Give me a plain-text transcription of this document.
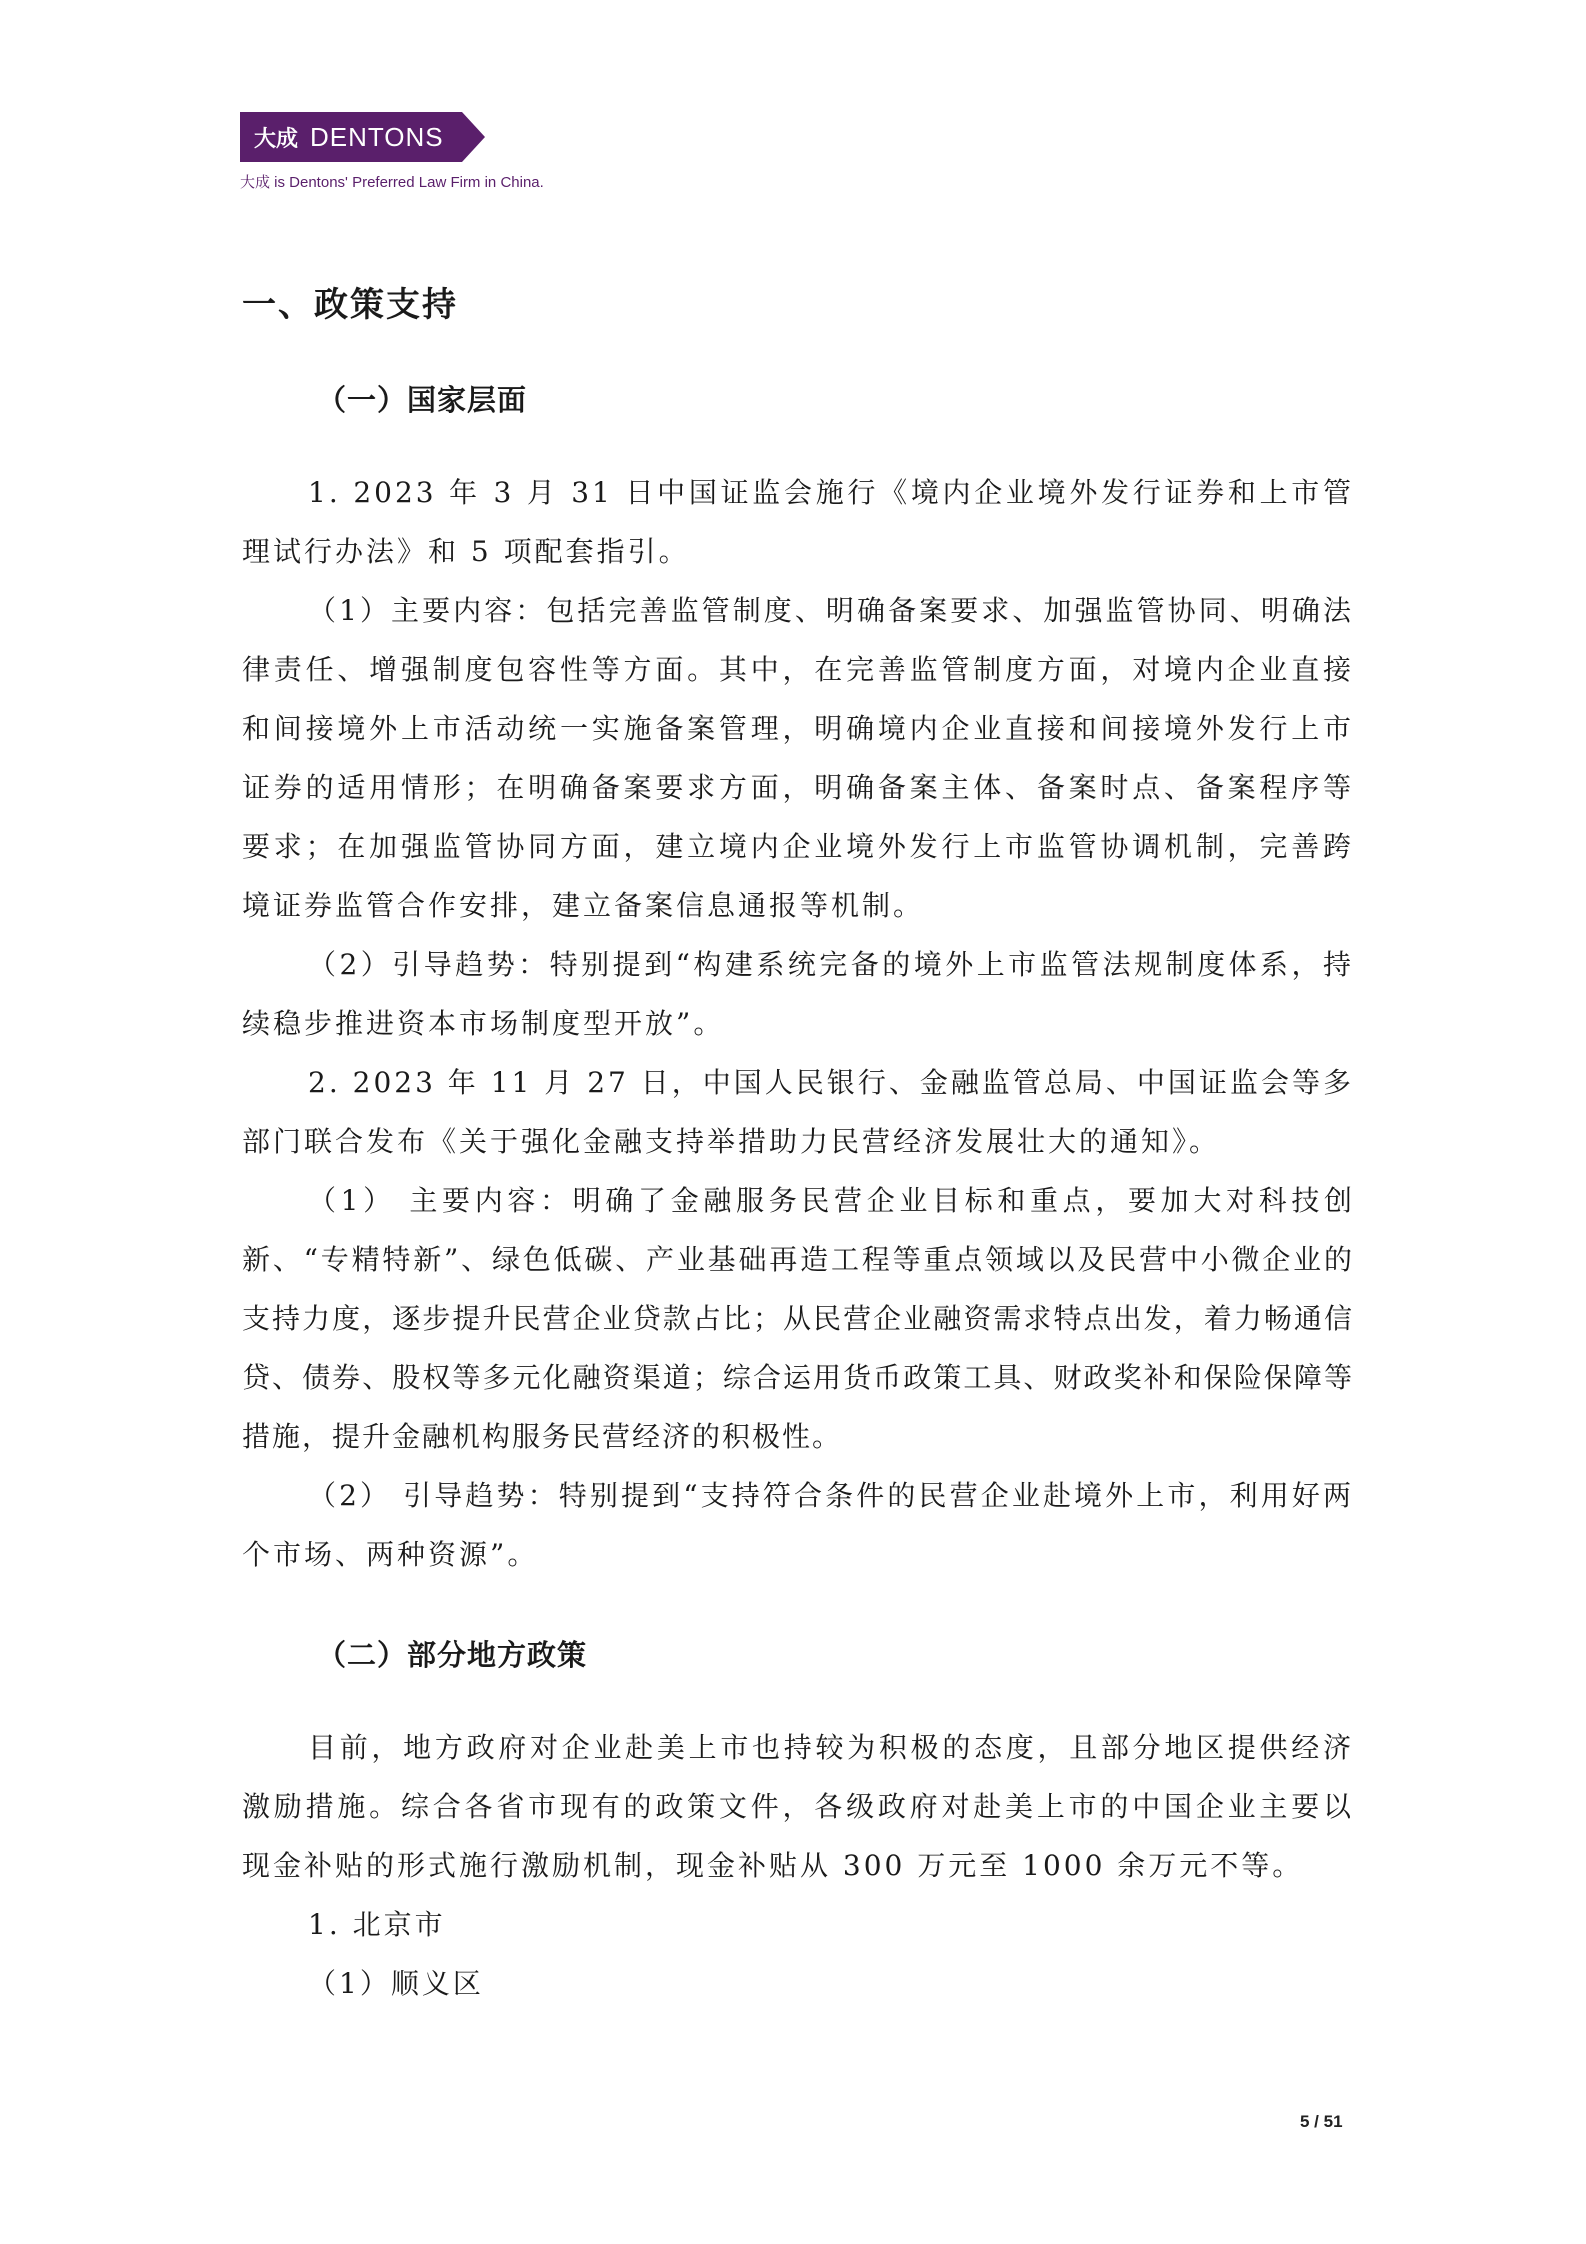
大成 DENTONS
大成 is Dentons' Preferred Law Firm in China.
一、政策支持
（一）国家层面

1. 2023 年 3 月 31 日中国证监会施行《境内企业境外发行证券和上市管理试行办法》和 5 项配套指引。

（1）主要内容：包括完善监管制度、明确备案要求、加强监管协同、明确法律责任、增强制度包容性等方面。其中，在完善监管制度方面，对境内企业直接和间接境外上市活动统一实施备案管理，明确境内企业直接和间接境外发行上市证券的适用情形；在明确备案要求方面，明确备案主体、备案时点、备案程序等要求；在加强监管协同方面，建立境内企业境外发行上市监管协调机制，完善跨境证券监管合作安排，建立备案信息通报等机制。

（2）引导趋势：特别提到“构建系统完备的境外上市监管法规制度体系，持续稳步推进资本市场制度型开放”。

2. 2023 年 11 月 27 日，中国人民银行、金融监管总局、中国证监会等多部门联合发布《关于强化金融支持举措助力民营经济发展壮大的通知》。

（1） 主要内容：明确了金融服务民营企业目标和重点，要加大对科技创新、“专精特新”、绿色低碳、产业基础再造工程等重点领域以及民营中小微企业的支持力度，逐步提升民营企业贷款占比；从民营企业融资需求特点出发，着力畅通信贷、债券、股权等多元化融资渠道；综合运用货币政策工具、财政奖补和保险保障等措施，提升金融机构服务民营经济的积极性。

（2） 引导趋势：特别提到“支持符合条件的民营企业赴境外上市，利用好两个市场、两种资源”。

（二）部分地方政策

目前，地方政府对企业赴美上市也持较为积极的态度，且部分地区提供经济激励措施。综合各省市现有的政策文件，各级政府对赴美上市的中国企业主要以现金补贴的形式施行激励机制，现金补贴从 300 万元至 1000 余万元不等。

1. 北京市

（1）顺义区

5 / 51
